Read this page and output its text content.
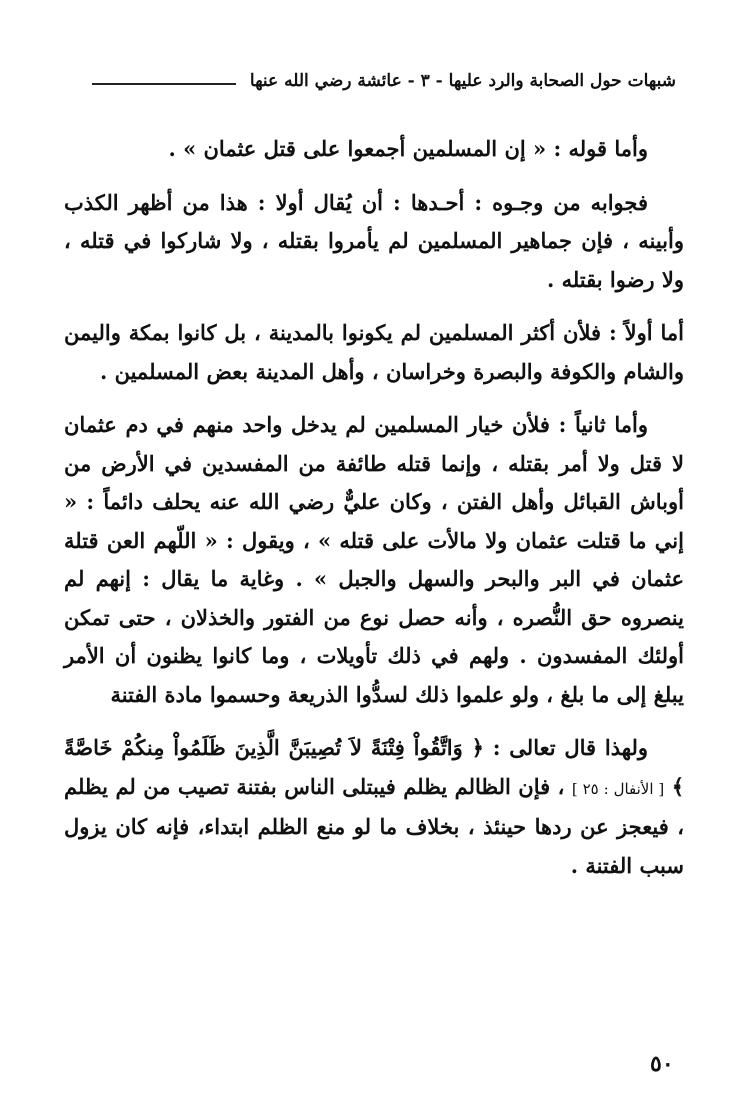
شبهات حول الصحابة والرد عليها - ٣ - عائشة رضي الله عنها

وأما قوله : « إن المسلمين أجمعوا على قتل عثمان » .

فجوابه من وجـوه : أحـدها : أن يُقال أولا : هذا من أظهر الكذب وأبينه ، فإن جماهير المسلمين لم يأمروا بقتله ، ولا شاركوا في قتله ، ولا رضوا بقتله .

أما أولاً : فلأن أكثر المسلمين لم يكونوا بالمدينة ، بل كانوا بمكة واليمن والشام والكوفة والبصرة وخراسان ، وأهل المدينة بعض المسلمين .

وأما ثانياً : فلأن خيار المسلمين لم يدخل واحد منهم في دم عثمان لا قتل ولا أمر بقتله ، وإنما قتله طائفة من المفسدين في الأرض من أوباش القبائل وأهل الفتن ، وكان عليٌّ رضي الله عنه يحلف دائماً : « إني ما قتلت عثمان ولا مالأت على قتله » ، ويقول : « اللّهم العن قتلة عثمان في البر والبحر والسهل والجبل » . وغاية ما يقال : إنهم لم ينصروه حق النُّصره ، وأنه حصل نوع من الفتور والخذلان ، حتى تمكن أولئك المفسدون . ولهم في ذلك تأويلات ، وما كانوا يظنون أن الأمر يبلغ إلى ما بلغ ، ولو علموا ذلك لسدُّوا الذريعة وحسموا مادة الفتنة

ولهذا قال تعالى : ﴿ وَاتَّقُواْ فِتْنَةً لاَ تُصِيبَنَّ الَّذِينَ ظَلَمُواْ مِنكُمْ خَاصَّةً ﴾ [ الأنفال : ٢٥ ] ، فإن الظالم يظلم فيبتلى الناس بفتنة تصيب من لم يظلم ، فيعجز عن ردها حينئذ ، بخلاف ما لو منع الظلم ابتداء، فإنه كان يزول سبب الفتنة .

٥٠
